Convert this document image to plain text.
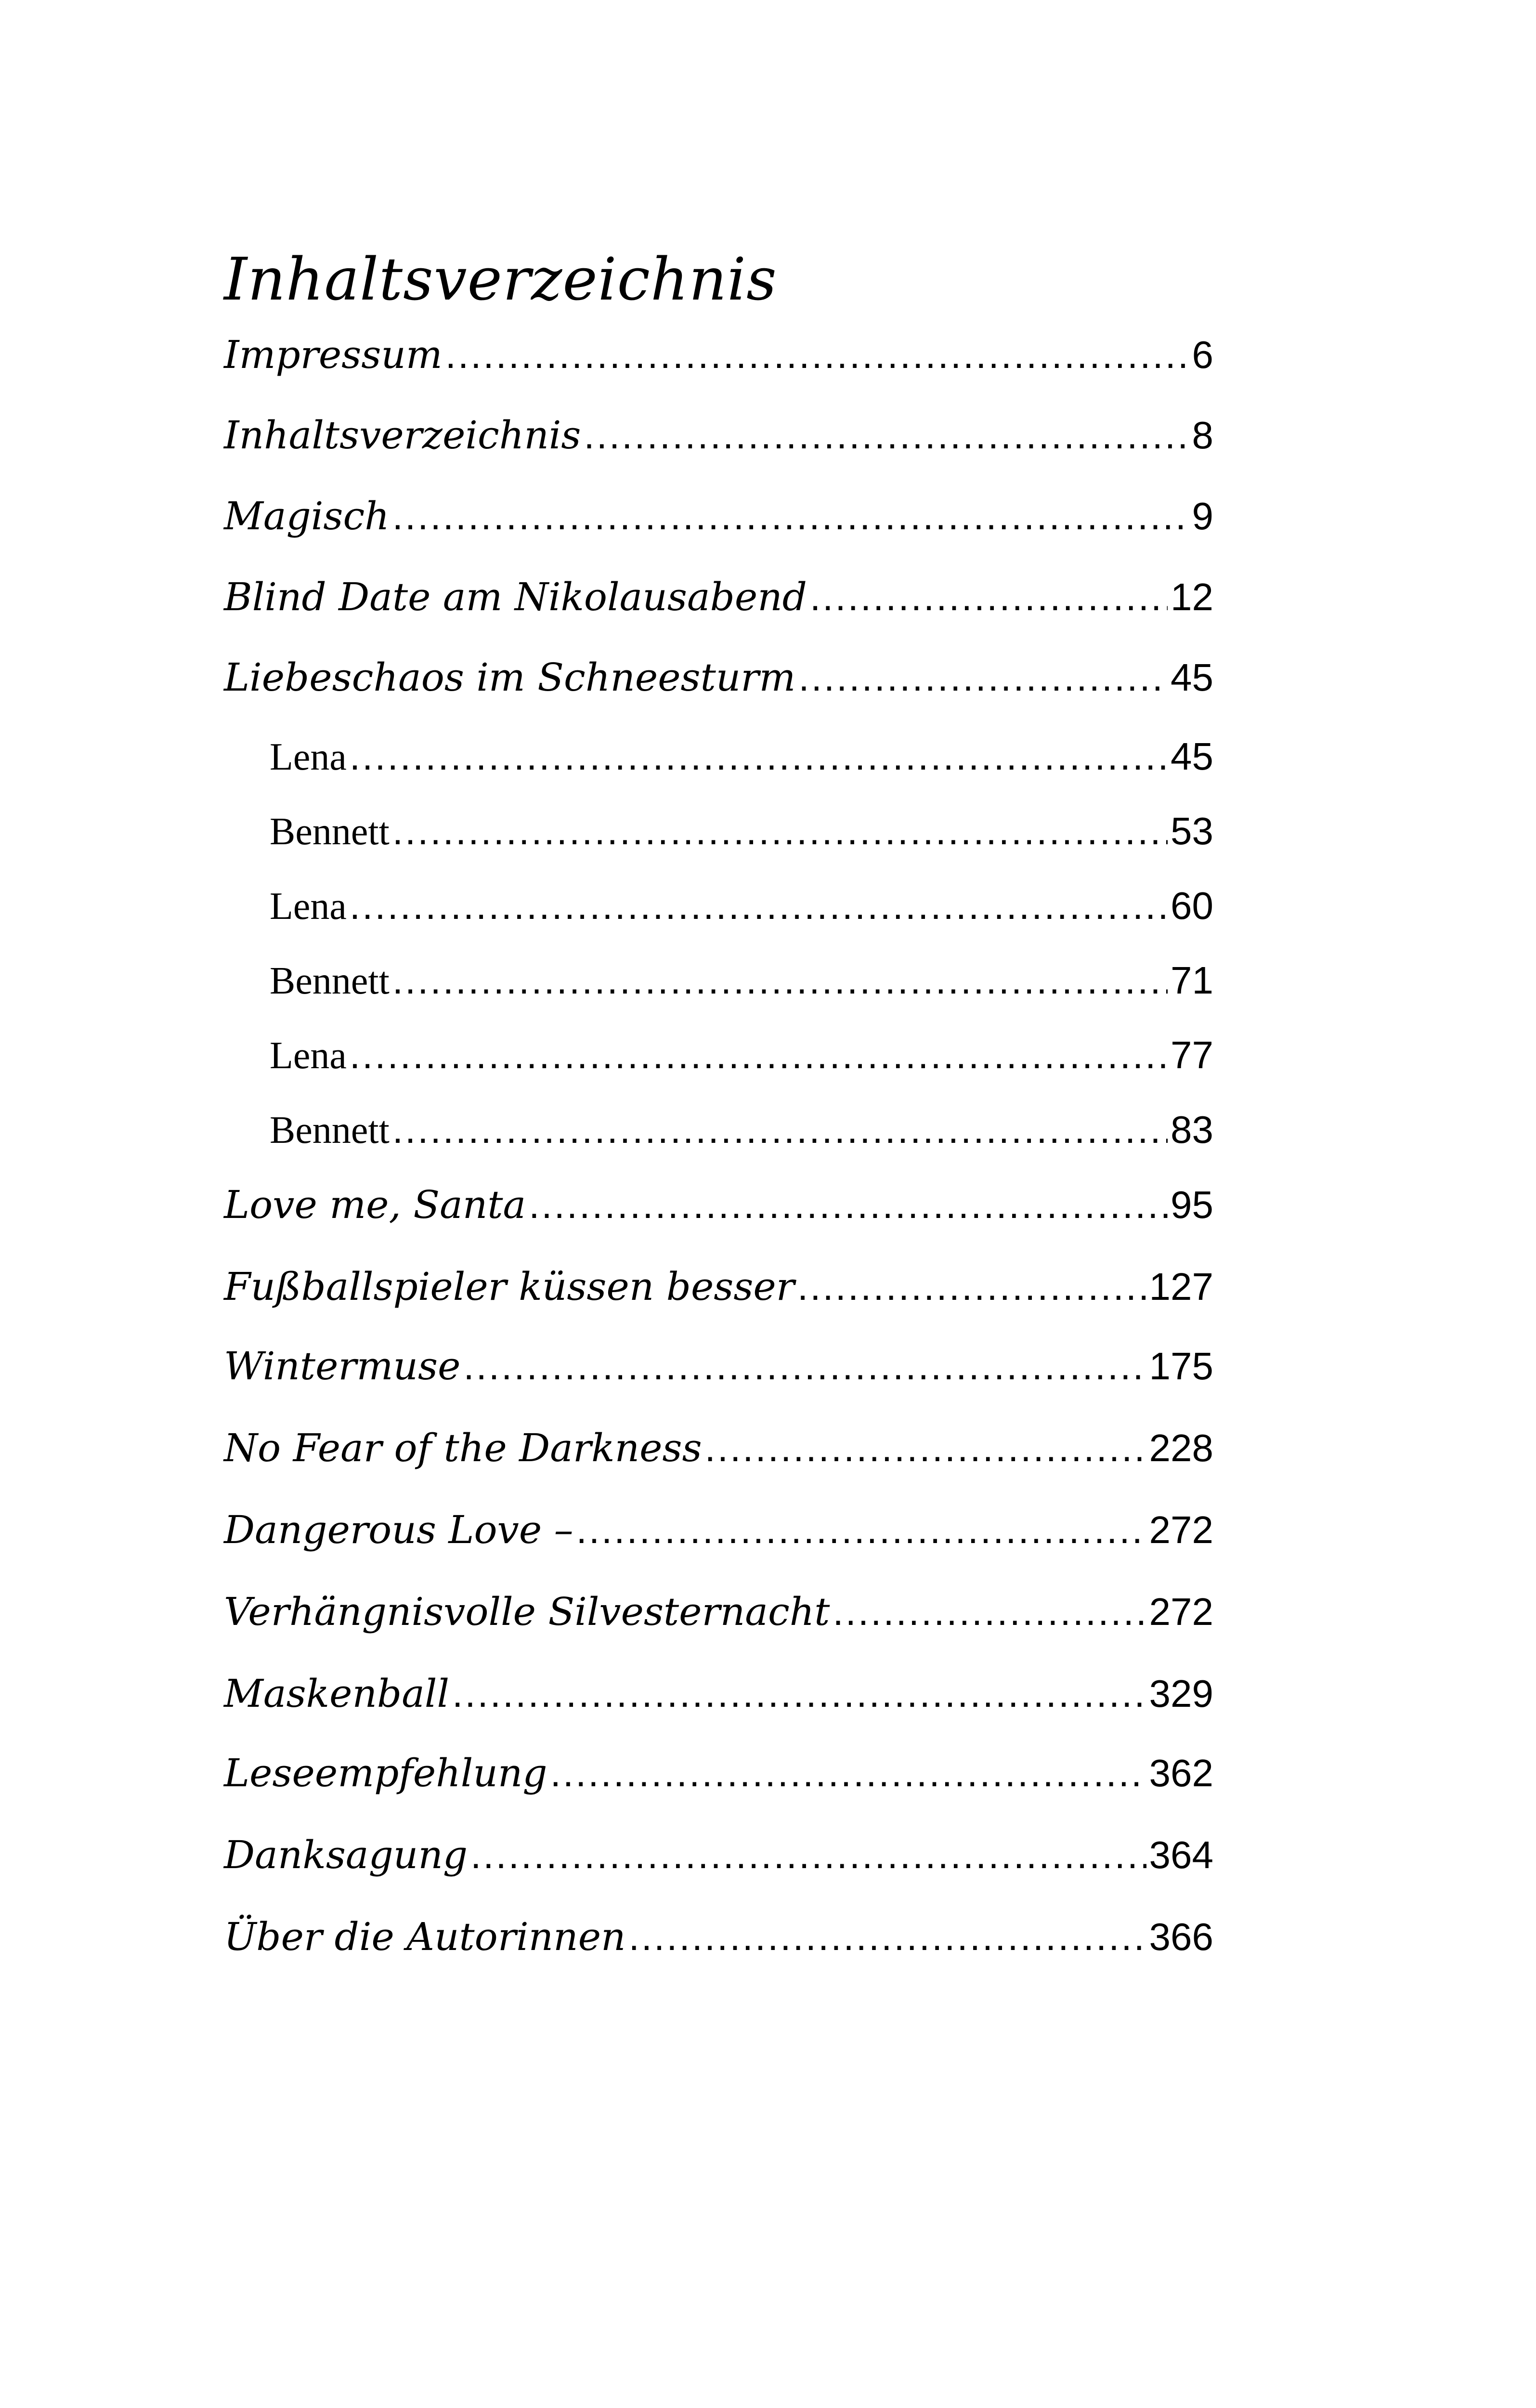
Inhaltsverzeichnis
Impressum .....	6
Inhaltsverzeichnis .....	8
Magisch .....	9
Blind Date am Nikolausabend .....	12
Liebeschaos im Schneesturm .....	45
Lena .....	45
Bennett .....	53
Lena .....	60
Bennett .....	71
Lena .....	77
Bennett .....	83
Love me, Santa .....	95
Fußballspieler küssen besser .....	127
Wintermuse .....	175
No Fear of the Darkness .....	228
Dangerous Love – .....	272
Verhängnisvolle Silvesternacht .....	272
Maskenball .....	329
Leseempfehlung .....	362
Danksagung .....	364
Über die Autorinnen .....	366
